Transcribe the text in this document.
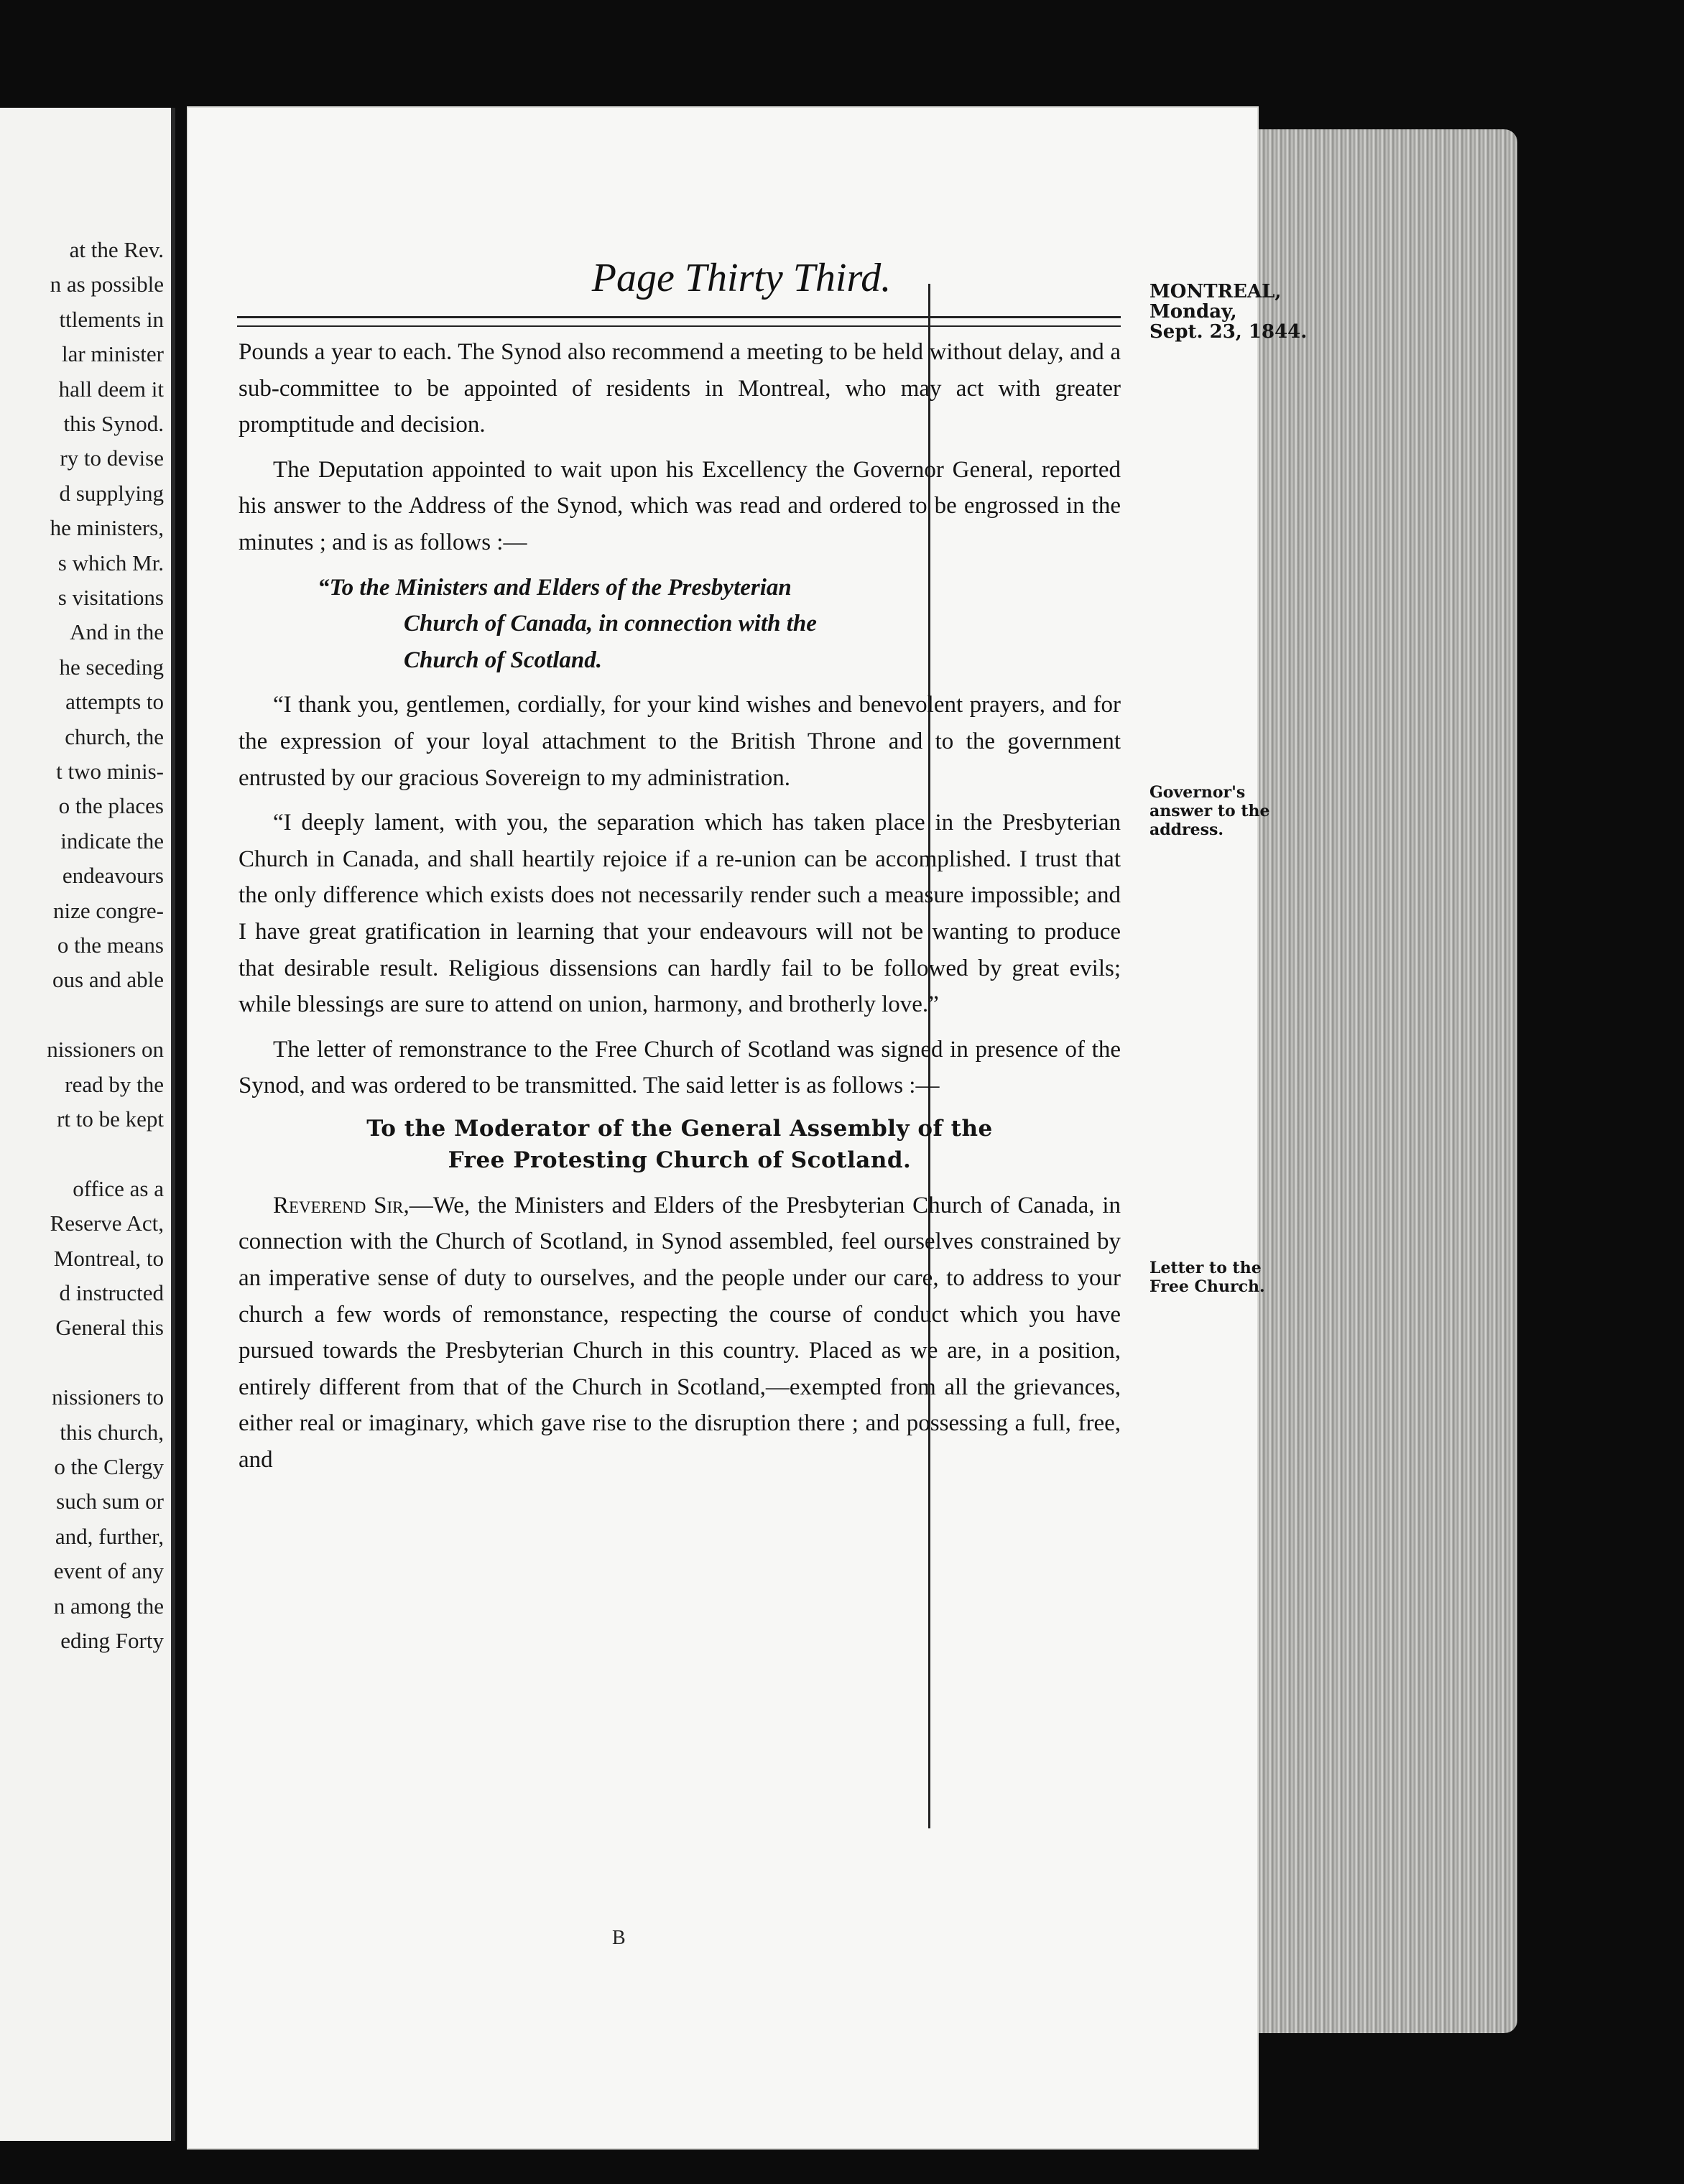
at the Rev.
n as possible
ttlements in
lar minister
hall deem it
this Synod.
ry to devise
d supplying
he ministers,
s which Mr.
s visitations
And in the
he seceding
attempts to
church, the
t two minis-
o the places
indicate the
endeavours
nize congre-
o the means
ous and able
nissioners on
read by the
rt to be kept
office as a
Reserve Act,
Montreal, to
d instructed
General this
nissioners to
this church,
o the Clergy
such sum or
and, further,
event of any
n among the
eding Forty
Page Thirty Third.

Pounds a year to each. The Synod also recommend a meeting to be held without delay, and a sub-committee to be appointed of residents in Montreal, who may act with greater promptitude and decision.

The Deputation appointed to wait upon his Excellency the Governor General, reported his answer to the Address of the Synod, which was read and ordered to be engrossed in the minutes ; and is as follows :—

“To the Ministers and Elders of the Presbyterian
Church of Canada, in connection with the
Church of Scotland.

“I thank you, gentlemen, cordially, for your kind wishes and benevolent prayers, and for the expression of your loyal attachment to the British Throne and to the government entrusted by our gracious Sovereign to my administration.

“I deeply lament, with you, the separation which has taken place in the Presbyterian Church in Canada, and shall heartily rejoice if a re-union can be accomplished. I trust that the only difference which exists does not necessarily render such a measure impossible; and I have great gratification in learning that your endeavours will not be wanting to produce that desirable result. Religious dissensions can hardly fail to be followed by great evils; while blessings are sure to attend on union, harmony, and brotherly love.”

The letter of remonstrance to the Free Church of Scotland was signed in presence of the Synod, and was ordered to be transmitted. The said letter is as follows :—

To the Moderator of the General Assembly of the
Free Protesting Church of Scotland.

Reverend Sir,—We, the Ministers and Elders of the Presbyterian Church of Canada, in connection with the Church of Scotland, in Synod assembled, feel ourselves constrained by an imperative sense of duty to ourselves, and the people under our care, to address to your church a few words of remonstance, respecting the course of conduct which you have pursued towards the Presbyterian Church in this country. Placed as we are, in a position, entirely different from that of the Church in Scotland,—exempted from all the grievances, either real or imaginary, which gave rise to the disruption there ; and possessing a full, free, and

B
MONTREAL,
Monday,
Sept. 23, 1844.
Governor's answer to the address.
Letter to the Free Church.
